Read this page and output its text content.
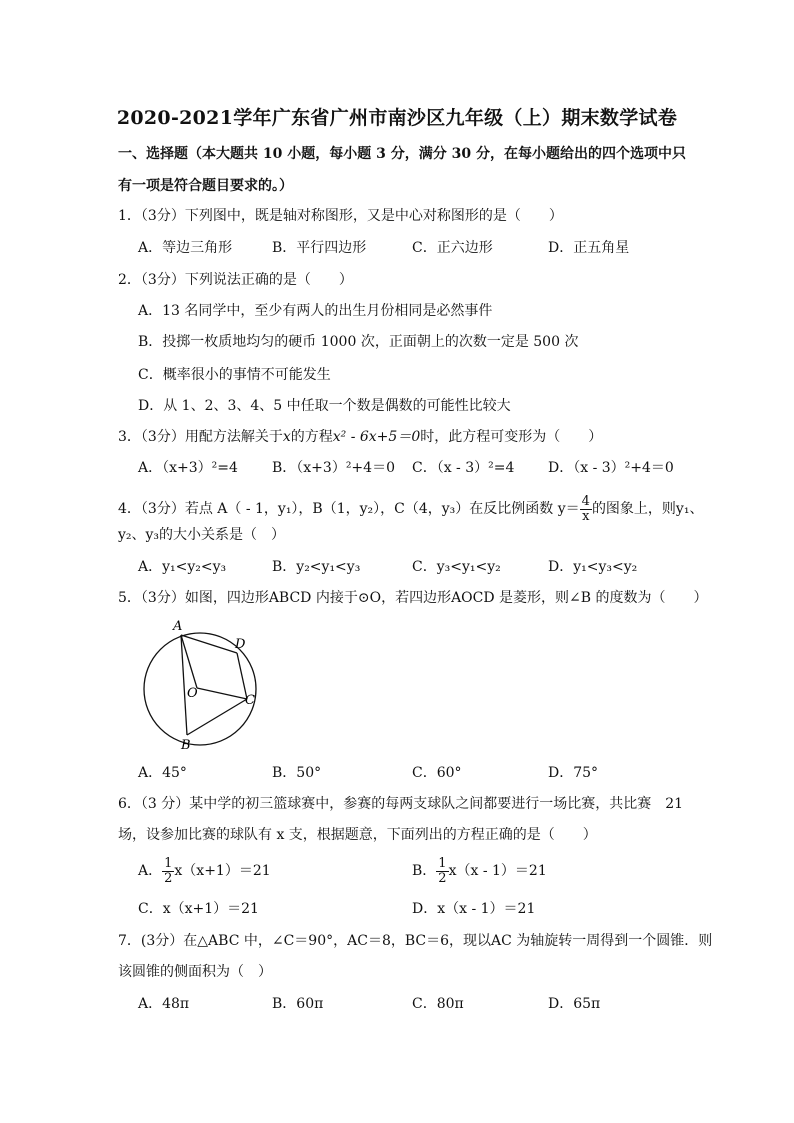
2020-2021学年广东省广州市南沙区九年级（上）期末数学试卷
一、选择题（本大题共 10 小题，每小题 3 分，满分 30 分，在每小题给出的四个选项中只
有一项是符合题目要求的。）
1．（3分）下列图中，既是轴对称图形，又是中心对称图形的是（　　）
A．等边三角形	B．平行四边形	C．正六边形	D．正五角星
2．（3分）下列说法正确的是（　　）
A．13 名同学中，至少有两人的出生月份相同是必然事件
B．投掷一枚质地均匀的硬币 1000 次，正面朝上的次数一定是 500 次
C．概率很小的事情不可能发生
D．从 1、2、3、4、5 中任取一个数是偶数的可能性比较大
3．（3分）用配方法解关于x的方程x² - 6x+5＝0时，此方程可变形为（　　）
A．（x+3）²=4 B．（x+3）²+4＝0 C．（x - 3）²=4 D．（x - 3）²+4＝0
4．（3分）若点 A（ - 1，y₁），B（1，y₂），C（4，y₃）在反比例函数 $y= \frac{4}{x}$ 的图象上，则y₁、
y₂、y₃的大小关系是（　）
A．y₁<y₂<y₃	B．y₂<y₁<y₃	C．y₃<y₁<y₂	D．y₁<y₃<y₂
5．（3分）如图，四边形ABCD 内接于⊙O，若四边形AOCD 是菱形，则∠B 的度数为（　　）
A
D
C
B
O
A．45°	B．50°	C．60°	D．75°
6．（3 分）某中学的初三篮球赛中，参赛的每两支球队之间都要进行一场比赛，共比赛　21
场，设参加比赛的球队有 x 支，根据题意，下面列出的方程正确的是（　　）
A． $\frac{1}{2} x(x+1)=21$	B． $\frac{1}{2} x(x - 1)=21$
C．x（x+1）＝21	D．x（x - 1）＝21
7．(3分）在△ABC 中，∠C＝90°，AC＝8，BC＝6，现以AC 为轴旋转一周得到一个圆锥．则
该圆锥的侧面积为（　）
A．48π	B．60π	C．80π	D．65π
